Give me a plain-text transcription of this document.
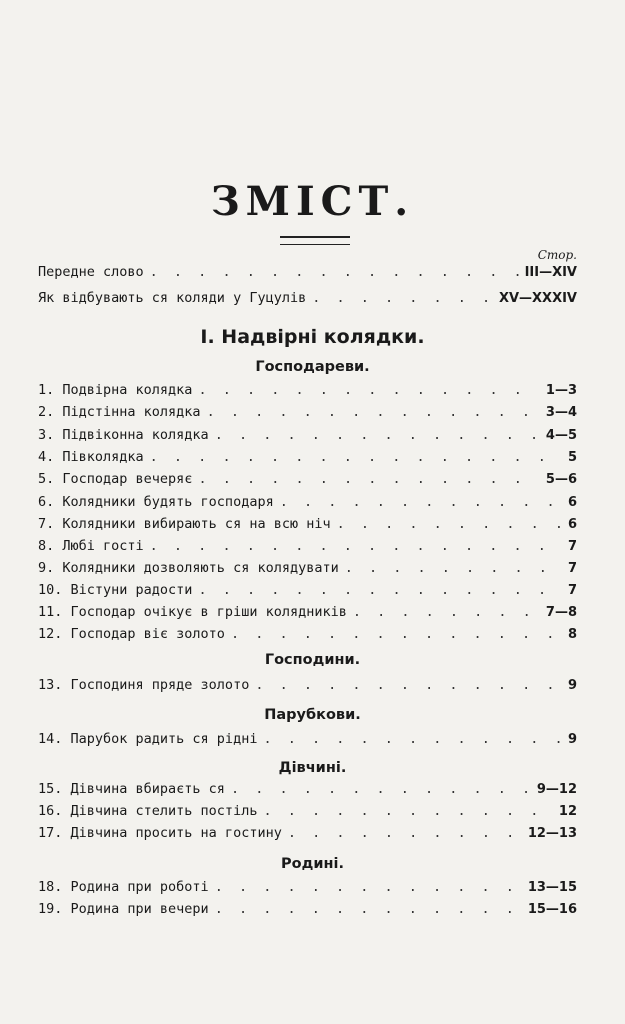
ЗМІСТ.
Стор.
Передне слово . . .	III—XIV
Як відбувають ся коляди у Гуцулів . . .	XV—XXXIV
І. Надвірні колядки.
Господареви.
1. Подвірна колядка . . .	1—3
2. Підстінна колядка . . .	3—4
3. Підвіконна колядка . . .	4—5
4. Півколядка . . .	5
5. Господар вечеряє . . .	5—6
6. Колядники будять господаря . . .	6
7. Колядники вибирають ся на всю ніч . . .	6
8. Любі гості . . .	7
9. Колядники дозволяють ся колядувати . . .	7
10. Вістуни радости . . .	7
11. Господар очікує в гріши колядників . . .	7—8
12. Господар віє золото . . .	8
Господини.
13. Господиня пряде золото . . .	9
Парубкови.
14. Парубок радить ся рідні . . .	9
Дівчині.
15. Дівчина вбираєть ся . . .	9—12
16. Дівчина стелить постіль . . .	12
17. Дівчина просить на гостину . . .	12—13
Родині.
18. Родина при роботі . . .	13—15
19. Родина при вечери . . .	15—16
